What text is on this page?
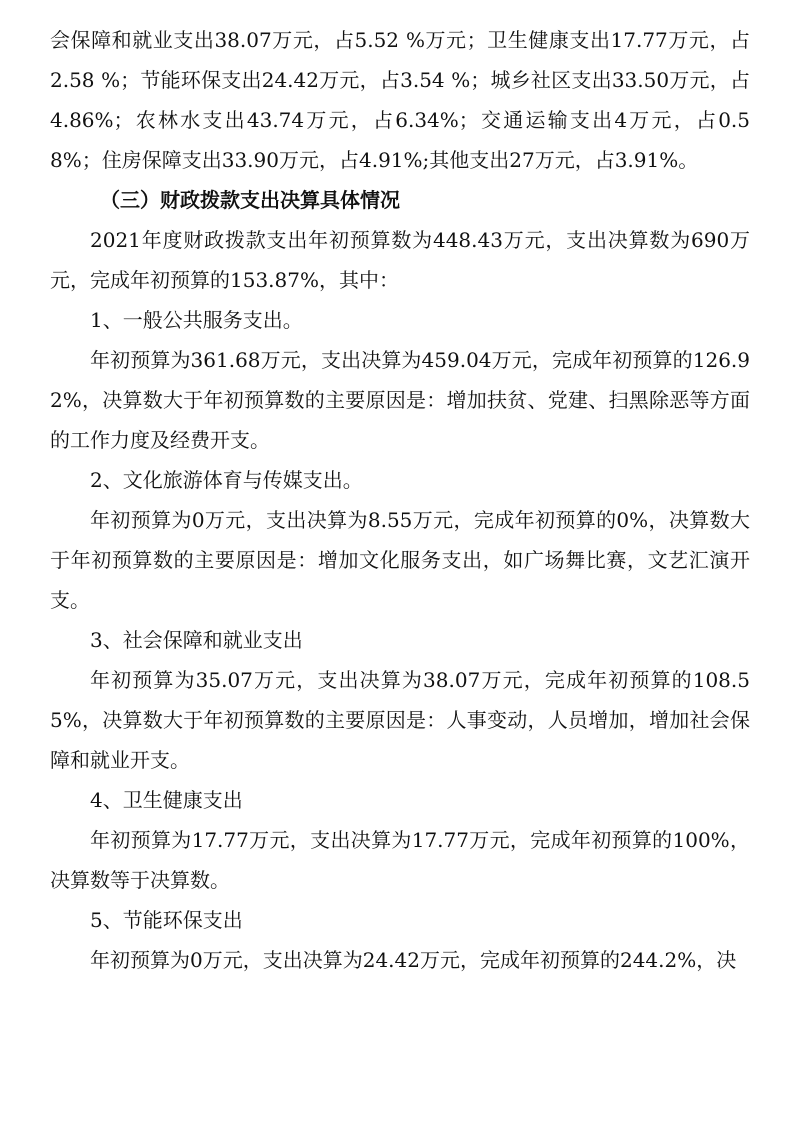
会保障和就业支出38.07万元，占5.52 %万元；卫生健康支出17.77万元，占2.58 %；节能环保支出24.42万元，占3.54 %；城乡社区支出33.50万元，占4.86%；农林水支出43.74万元，占6.34%；交通运输支出4万元，占0.58%；住房保障支出33.90万元，占4.91%;其他支出27万元，占3.91%。

（三）财政拨款支出决算具体情况

2021年度财政拨款支出年初预算数为448.43万元，支出决算数为690万元，完成年初预算的153.87%，其中：

1、一般公共服务支出。

年初预算为361.68万元，支出决算为459.04万元，完成年初预算的126.92%，决算数大于年初预算数的主要原因是：增加扶贫、党建、扫黑除恶等方面的工作力度及经费开支。

2、文化旅游体育与传媒支出。

年初预算为0万元，支出决算为8.55万元，完成年初预算的0%，决算数大于年初预算数的主要原因是：增加文化服务支出，如广场舞比赛，文艺汇演开支。

3、社会保障和就业支出

年初预算为35.07万元，支出决算为38.07万元，完成年初预算的108.55%，决算数大于年初预算数的主要原因是：人事变动，人员增加，增加社会保障和就业开支。

4、卫生健康支出

年初预算为17.77万元，支出决算为17.77万元，完成年初预算的100%，决算数等于决算数。

5、节能环保支出

年初预算为0万元，支出决算为24.42万元，完成年初预算的244.2%，决
